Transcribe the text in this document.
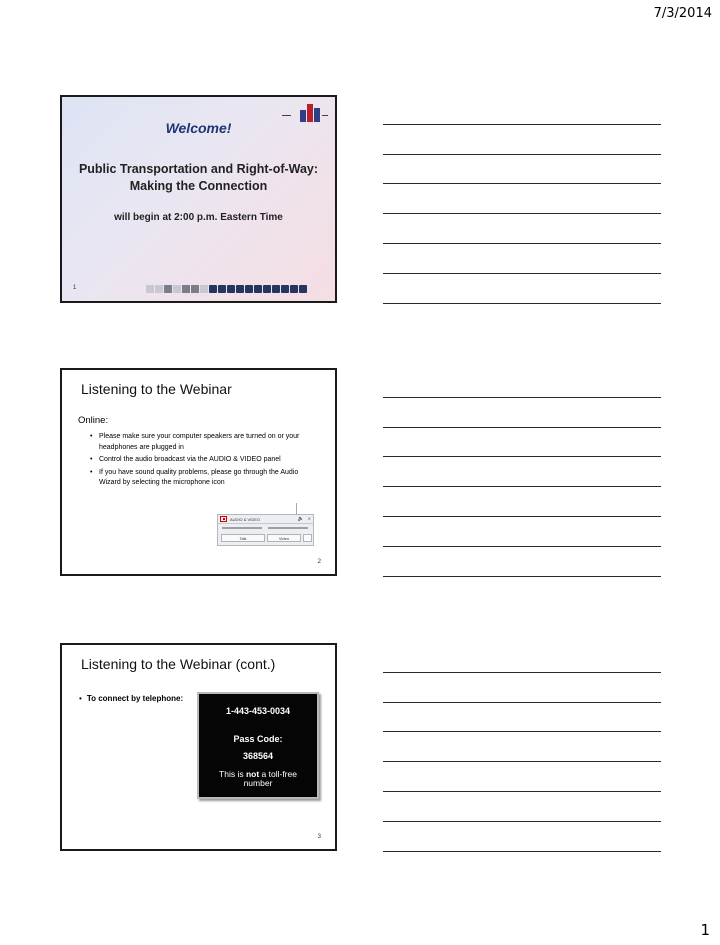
7/3/2014
▬▬▬	▬▬
Welcome!
Public Transportation and Right-of-Way:
Making the Connection
will begin at 2:00 p.m. Eastern Time
1
Listening to the Webinar
Online:
• Please make sure your computer speakers are turned on or your headphones are plugged in
• Control the audio broadcast via the AUDIO & VIDEO panel
• If you have sound quality problems, please go through the Audio Wizard by selecting the microphone icon
AUDIO & VIDEO	🔈 ✕
Talk	Video
2
Listening to the Webinar (cont.)
• To connect by telephone:
1-443-453-0034
Pass Code:
368564
This is not a toll-free number
3
1
